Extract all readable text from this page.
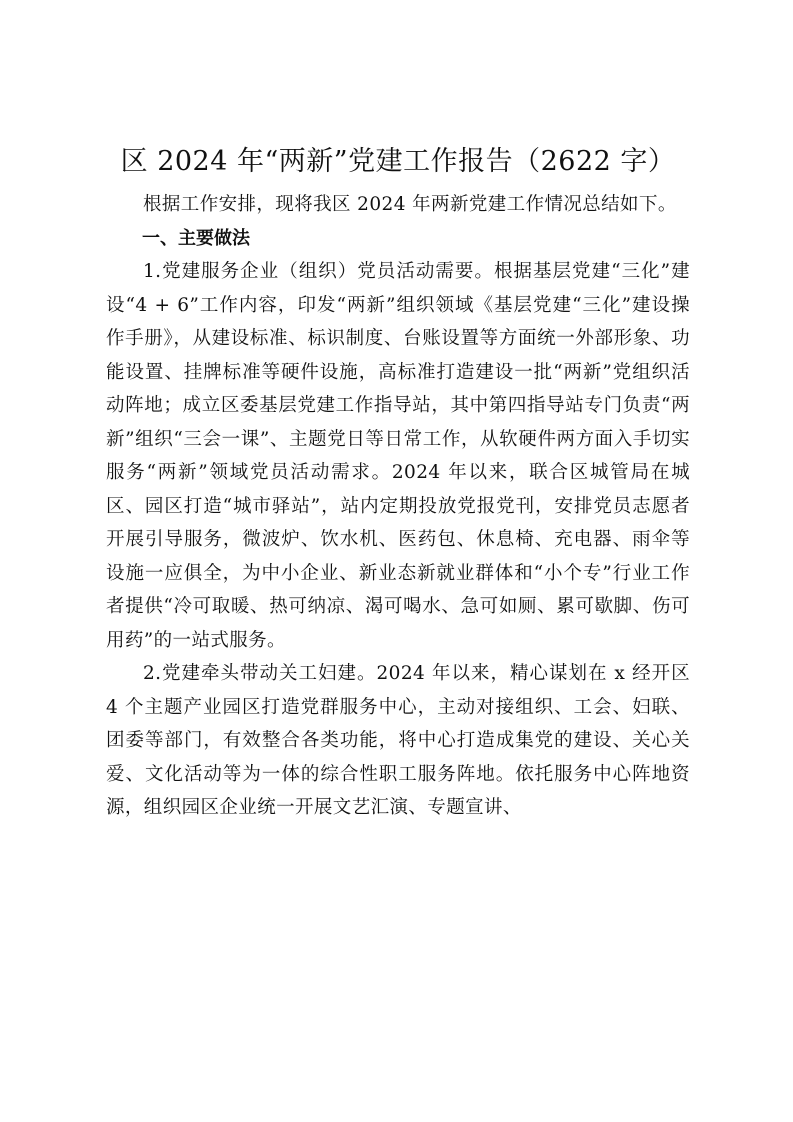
区 2024 年“两新”党建工作报告（2622 字）

根据工作安排，现将我区 2024 年两新党建工作情况总结如下。

一、主要做法

1.党建服务企业（组织）党员活动需要。根据基层党建“三化”建设“4 + 6”工作内容，印发“两新”组织领域《基层党建“三化”建设操作手册》，从建设标准、标识制度、台账设置等方面统一外部形象、功能设置、挂牌标准等硬件设施，高标准打造建设一批“两新”党组织活动阵地；成立区委基层党建工作指导站，其中第四指导站专门负责“两新”组织“三会一课”、主题党日等日常工作，从软硬件两方面入手切实服务“两新”领域党员活动需求。2024 年以来，联合区城管局在城区、园区打造“城市驿站”，站内定期投放党报党刊，安排党员志愿者开展引导服务，微波炉、饮水机、医药包、休息椅、充电器、雨伞等设施一应俱全，为中小企业、新业态新就业群体和“小个专”行业工作者提供“冷可取暖、热可纳凉、渴可喝水、急可如厕、累可歇脚、伤可用药”的一站式服务。

2.党建牵头带动关工妇建。2024 年以来，精心谋划在 x 经开区 4 个主题产业园区打造党群服务中心，主动对接组织、工会、妇联、团委等部门，有效整合各类功能，将中心打造成集党的建设、关心关爱、文化活动等为一体的综合性职工服务阵地。依托服务中心阵地资源，组织园区企业统一开展文艺汇演、专题宣讲、
